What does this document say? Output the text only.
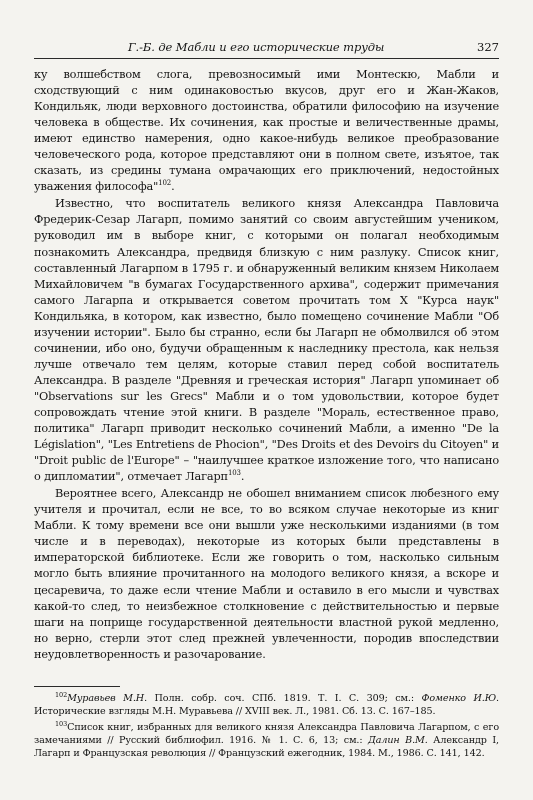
Г.-Б. де Мабли и его исторические труды	327

ку волшебством слога, превозносимый ими Монтескю, Мабли и сходствующий с ним одинаковостью вкусов, друг его и Жан-Жаков, Кондильяк, люди верховного достоинства, обратили философию на изучение человека в обществе. Их сочинения, как простые и величественные драмы, имеют единство намерения, одно какое-нибудь великое преобразование человеческого рода, которое представляют они в полном свете, изъятое, так сказать, из средины тумана омрачающих его приключений, недостойных уважения философа"$^{102}$.

Известно, что воспитатель великого князя Александра Павловича Фредерик-Сезар Лагарп, помимо занятий со своим августейшим учеником, руководил им в выборе книг, с которыми он полагал необходимым познакомить Александра, предвидя близкую с ним разлуку. Список книг, составленный Лагарпом в 1795 г. и обнаруженный великим князем Николаем Михайловичем "в бумагах Государственного архива", содержит примечания самого Лагарпа и открывается советом прочитать том X "Курса наук" Кондильяка, в котором, как известно, было помещено сочинение Мабли "Об изучении истории". Было бы странно, если бы Лагарп не обмолвился об этом сочинении, ибо оно, будучи обращенным к наследнику престола, как нельзя лучше отвечало тем целям, которые ставил перед собой воспитатель Александра. В разделе "Древняя и греческая история" Лагарп упоминает об "Observations sur les Grecs" Мабли и о том удовольствии, которое будет сопровождать чтение этой книги. В разделе "Мораль, естественное право, политика" Лагарп приводит несколько сочинений Мабли, а именно "De la Législation", "Les Entretiens de Phocion", "Des Droits et des Devoirs du Citoyen" и "Droit public de l'Europe" – "наилучшее краткое изложение того, что написано о дипломатии", отмечает Лагарп$^{103}$.

Вероятнее всего, Александр не обошел вниманием список любезного ему учителя и прочитал, если не все, то во всяком случае некоторые из книг Мабли. К тому времени все они вышли уже несколькими изданиями (в том числе и в переводах), некоторые из которых были представлены в императорской библиотеке. Если же говорить о том, насколько сильным могло быть влияние прочитанного на молодого великого князя, а вскоре и цесаревича, то даже если чтение Мабли и оставило в его мысли и чувствах какой-то след, то неизбежное столкновение с действительностью и первые шаги на поприще государственной деятельности властной рукой медленно, но верно, стерли этот след прежней увлеченности, породив впоследствии неудовлетворенность и разочарование.

$^{102}$Муравьев М.Н. Полн. собр. соч. СПб. 1819. Т. I. С. 309; см.: Фоменко И.Ю. Исторические взгляды М.Н. Муравьева // XVIII век. Л., 1981. Сб. 13. С. 167–185.

$^{103}$Список книг, избранных для великого князя Александра Павловича Лагарпом, с его замечаниями // Русский библиофил. 1916. № 1. С. 6, 13; см.: Далин В.М. Александр I, Лагарп и Французская революция // Французский ежегодник, 1984. М., 1986. С. 141, 142.
